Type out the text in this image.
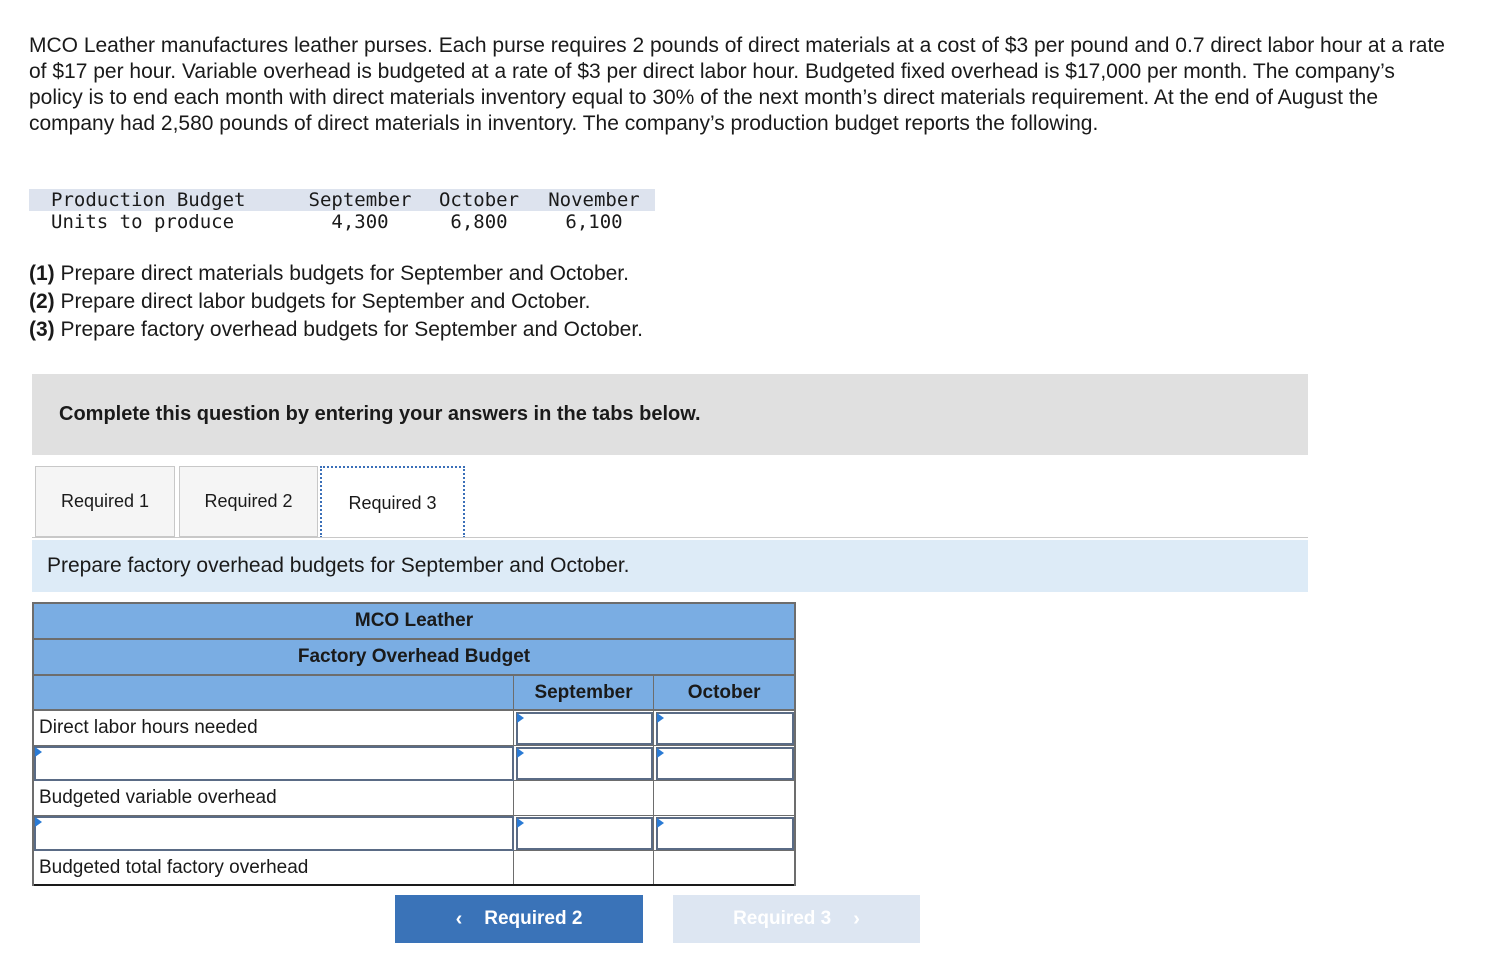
MCO Leather manufactures leather purses. Each purse requires 2 pounds of direct materials at a cost of $3 per pound and 0.7 direct labor hour at a rate of $17 per hour. Variable overhead is budgeted at a rate of $3 per direct labor hour. Budgeted fixed overhead is $17,000 per month. The company’s policy is to end each month with direct materials inventory equal to 30% of the next month’s direct materials requirement. At the end of August the company had 2,580 pounds of direct materials in inventory. The company’s production budget reports the following.

Production Budget	September	October	November
Units to produce	4,300	6,800	6,100
(1) Prepare direct materials budgets for September and October.
(2) Prepare direct labor budgets for September and October.
(3) Prepare factory overhead budgets for September and October.
Complete this question by entering your answers in the tabs below.
Required 1	Required 2	Required 3
Prepare factory overhead budgets for September and October.
MCO Leather
Factory Overhead Budget
September	October
Direct labor hours needed
Budgeted variable overhead
Budgeted total factory overhead
‹ Required 2	Required 3 ›
